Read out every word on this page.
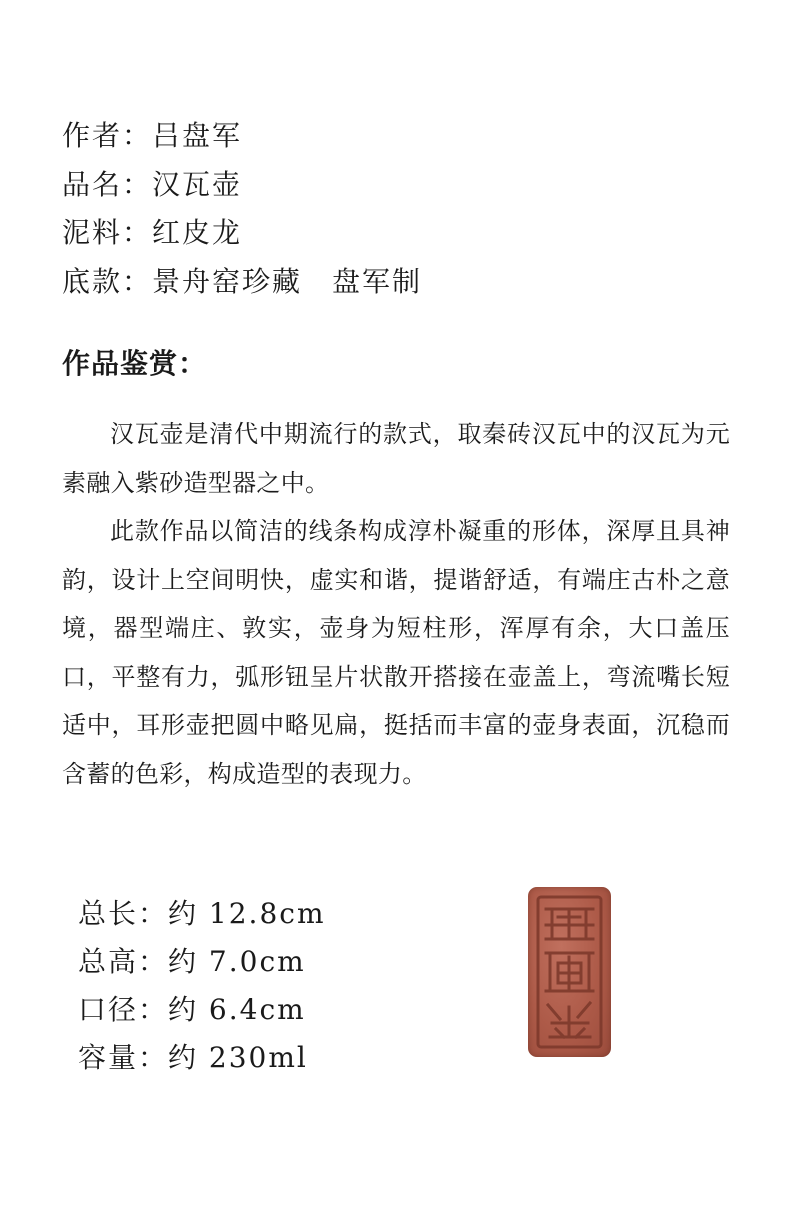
作者：吕盘军
品名：汉瓦壶
泥料：红皮龙
底款：景舟窑珍藏　盘军制
作品鉴赏：

汉瓦壶是清代中期流行的款式，取秦砖汉瓦中的汉瓦为元素融入紫砂造型器之中。

此款作品以简洁的线条构成淳朴凝重的形体，深厚且具神韵，设计上空间明快，虚实和谐，提谐舒适，有端庄古朴之意境，器型端庄、敦实，壶身为短柱形，浑厚有余，大口盖压口，平整有力，弧形钮呈片状散开搭接在壶盖上，弯流嘴长短适中，耳形壶把圆中略见扁，挺括而丰富的壶身表面，沉稳而含蓄的色彩，构成造型的表现力。

总长：约 12.8cm
总高：约 7.0cm
口径：约 6.4cm
容量：约 230ml
